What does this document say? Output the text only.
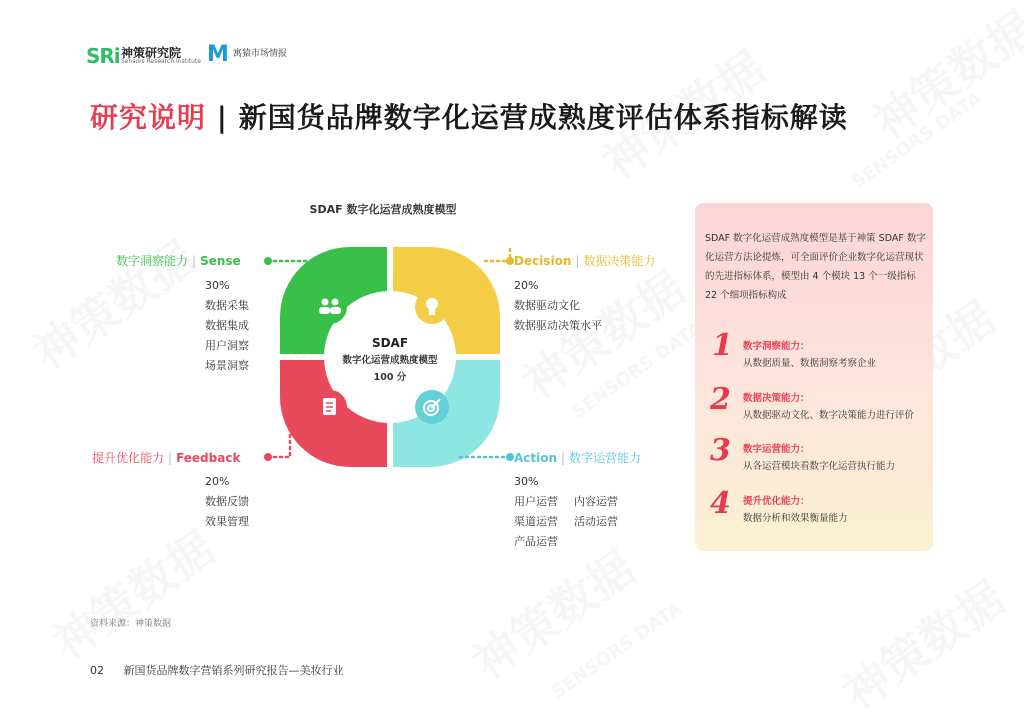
SRi 神策研究院
Sensors Research Institute M 寓猿市场情报
研究说明 | 新国货品牌数字化运营成熟度评估体系指标解读
SDAF 数字化运营成熟度模型
SDAF
数字化运营成熟度模型
100 分
数字洞察能力 | Sense
30%
数据采集
数据集成
用户洞察
场景洞察
Decision | 数据决策能力
20%
数据驱动文化
数据驱动决策水平
提升优化能力 | Feedback
20%
数据反馈
效果管理
Action | 数字运营能力
30%
用户运营 内容运营
渠道运营 活动运营
产品运营
SDAF 数字化运营成熟度模型是基于神策 SDAF 数字化运营方法论提炼，可全面评价企业数字化运营现状的先进指标体系，模型由 4 个模块 13 个一级指标 22 个细项指标构成
1 数字洞察能力：
从数据质量、数据洞察考察企业
2 数据决策能力：
从数据驱动文化、数字决策能力进行评价
3 数字运营能力：
从各运营模块看数字化运营执行能力
4 提升优化能力：
数据分析和效果衡量能力
资料来源：神策数据
02 新国货品牌数字营销系列研究报告—美妆行业
